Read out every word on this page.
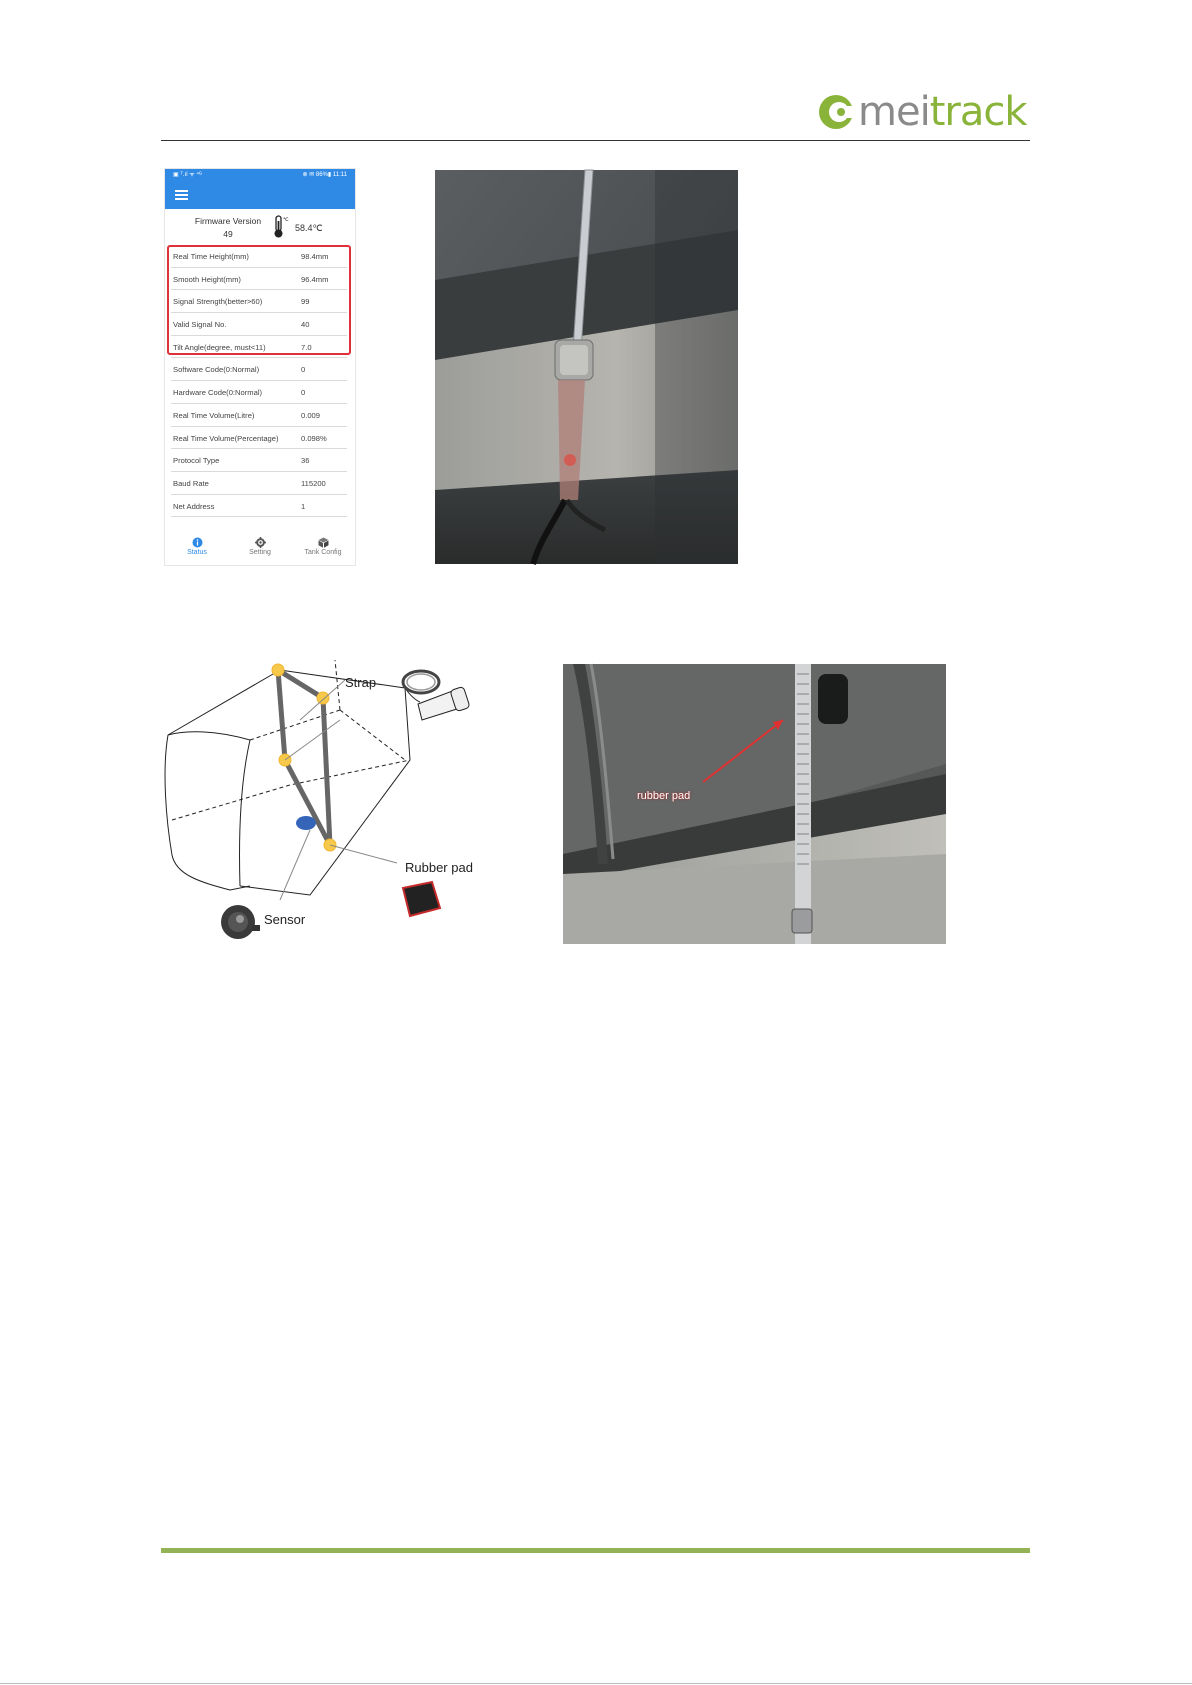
meitrack
▣ ᵀ.ıl ᯤ ⁴ᴳ	⊗ ✉ 86%▮ 11:11
Firmware Version
49
℃
58.4℃
Real Time Height(mm)	98.4mm
Smooth Height(mm)	96.4mm
Signal Strength(better>60)	99
Valid Signal No.	40
Tilt Angle(degree, must<11)	7.0
Software Code(0:Normal)	0
Hardware Code(0:Normal)	0
Real Time Volume(Litre)	0.009
Real Time Volume(Percentage)	0.098%
Protocol Type	36
Baud Rate	115200
Net Address	1
Status	Setting	Tank Config
Strap
Rubber pad
Sensor
rubber pad
